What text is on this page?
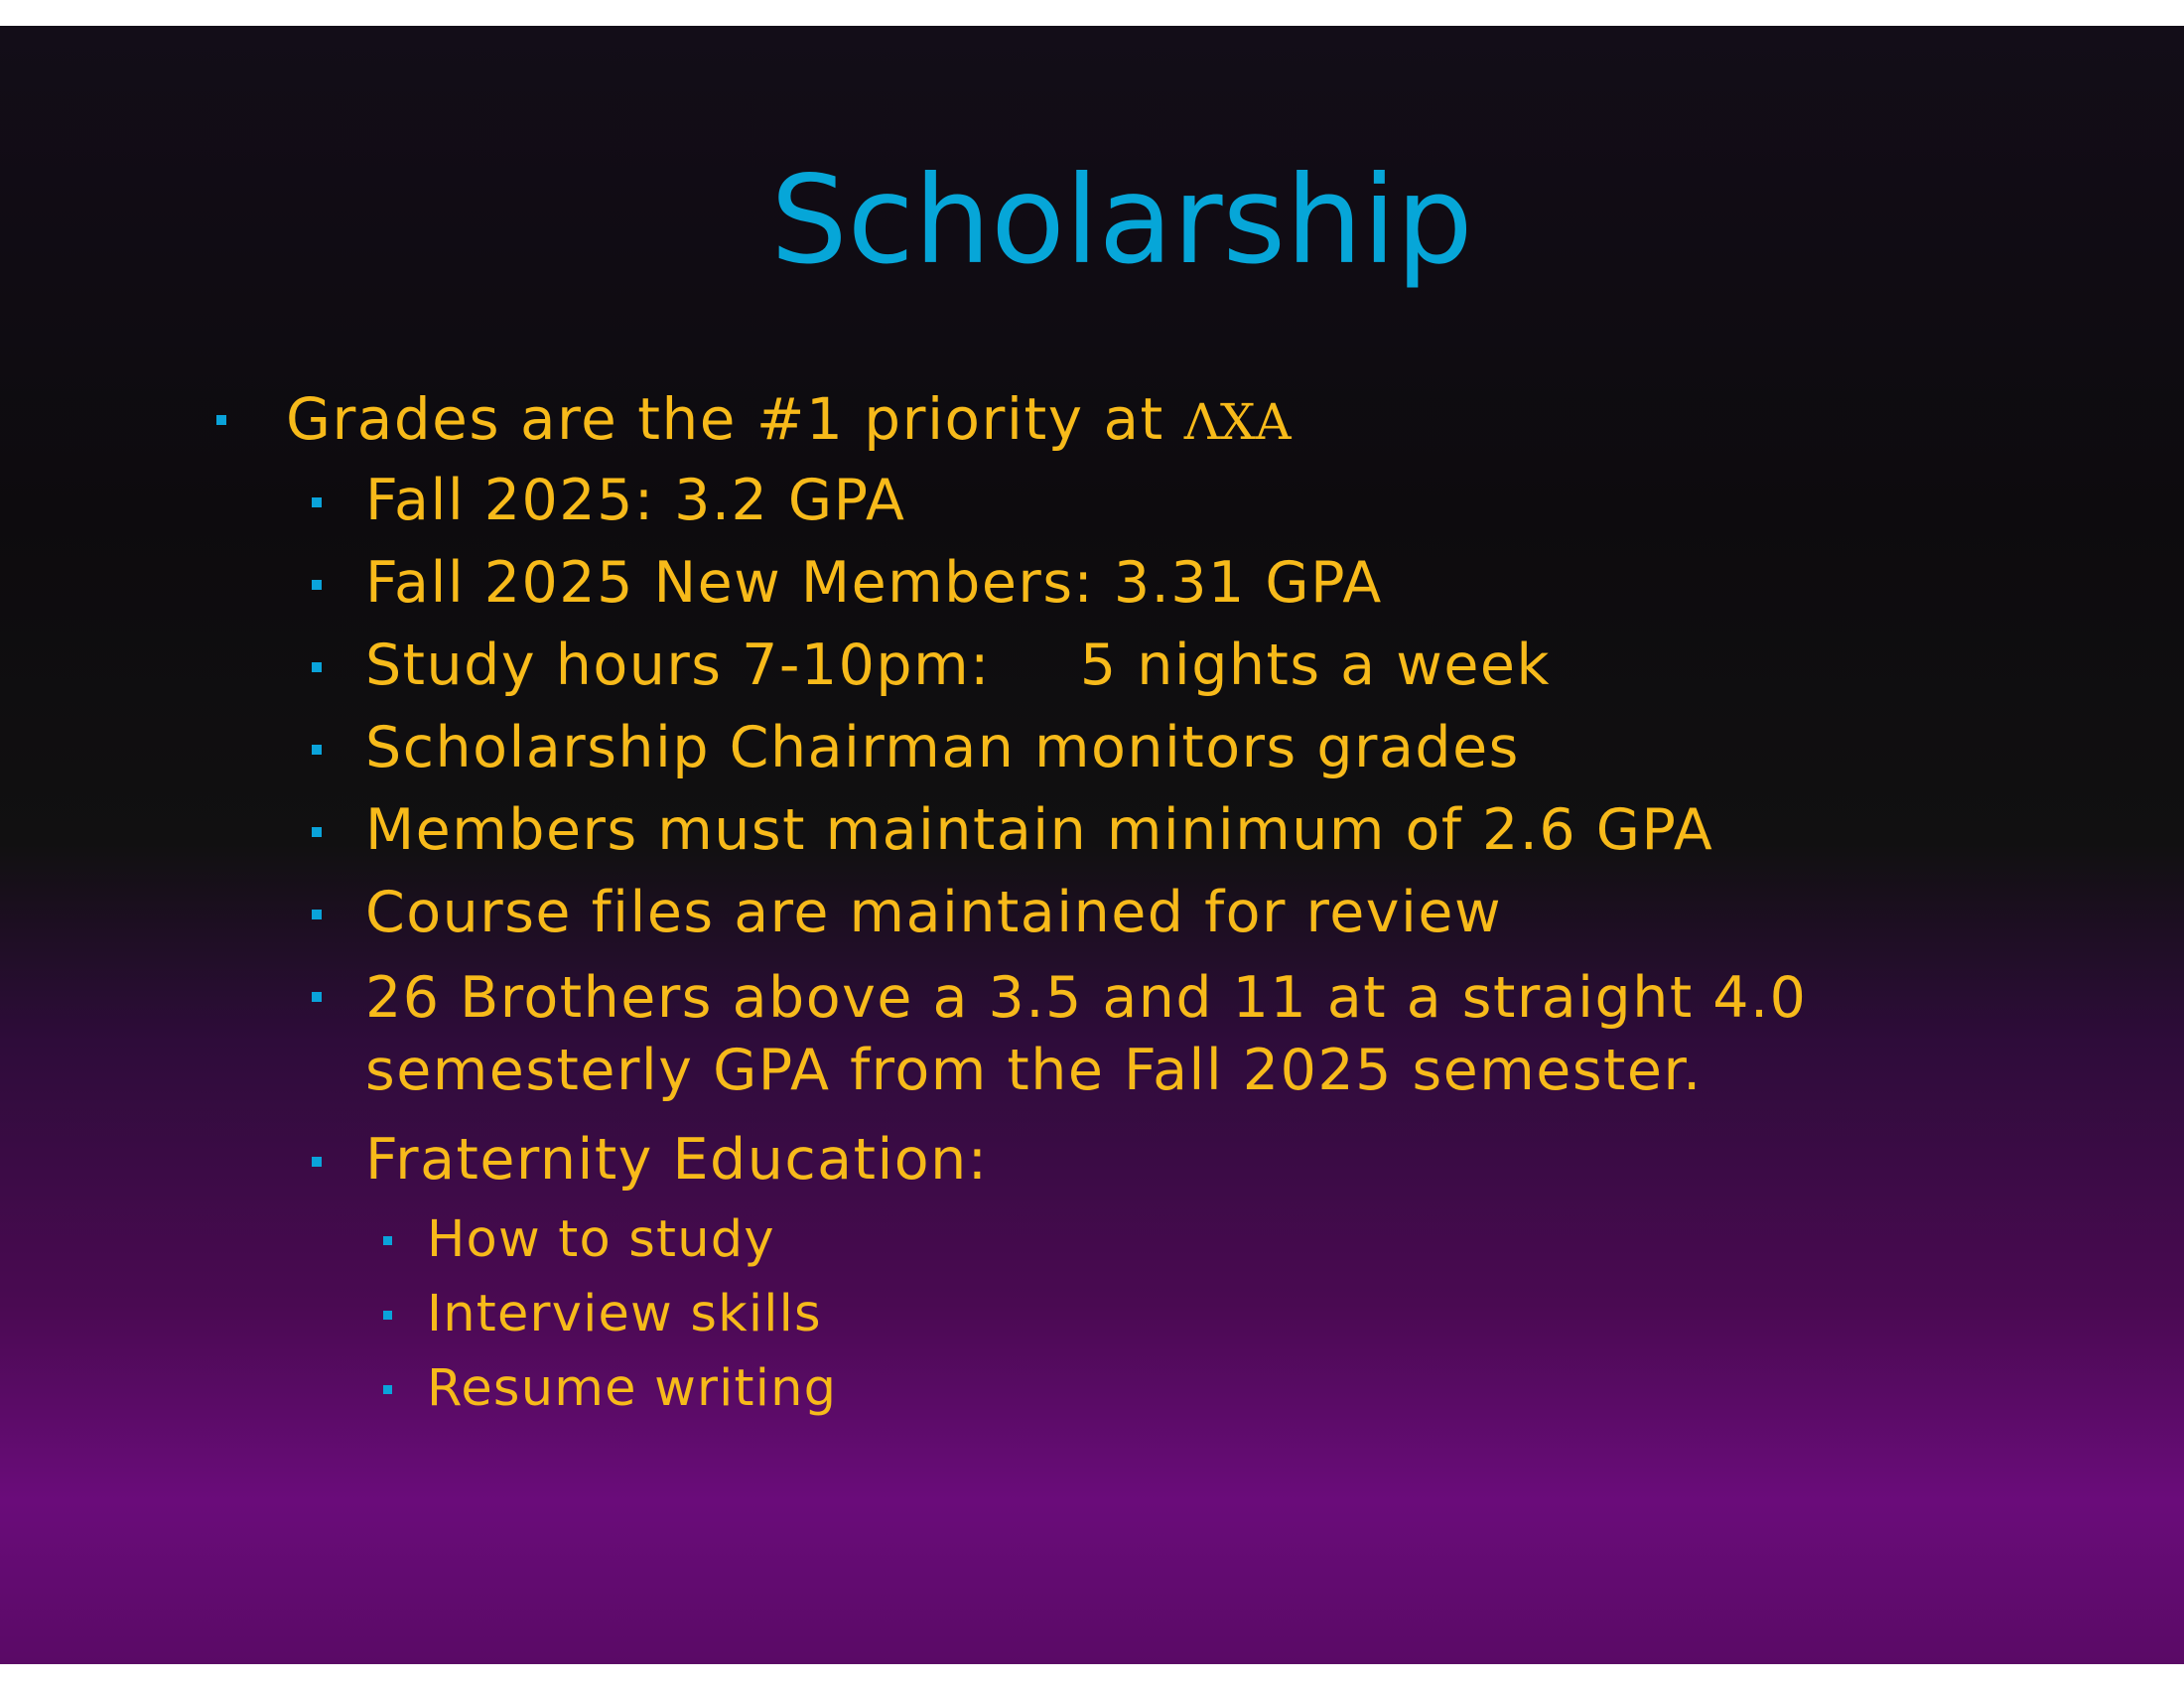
Scholarship
Grades are the #1 priority at ΛΧΑ
Fall 2025: 3.2 GPA
Fall 2025 New Members: 3.31 GPA
Study hours 7-10pm: 5 nights a week
Scholarship Chairman monitors grades
Members must maintain minimum of 2.6 GPA
Course files are maintained for review
26 Brothers above a 3.5 and 11 at a straight 4.0
semesterly GPA from the Fall 2025 semester.
Fraternity Education:
How to study
Interview skills
Resume writing
